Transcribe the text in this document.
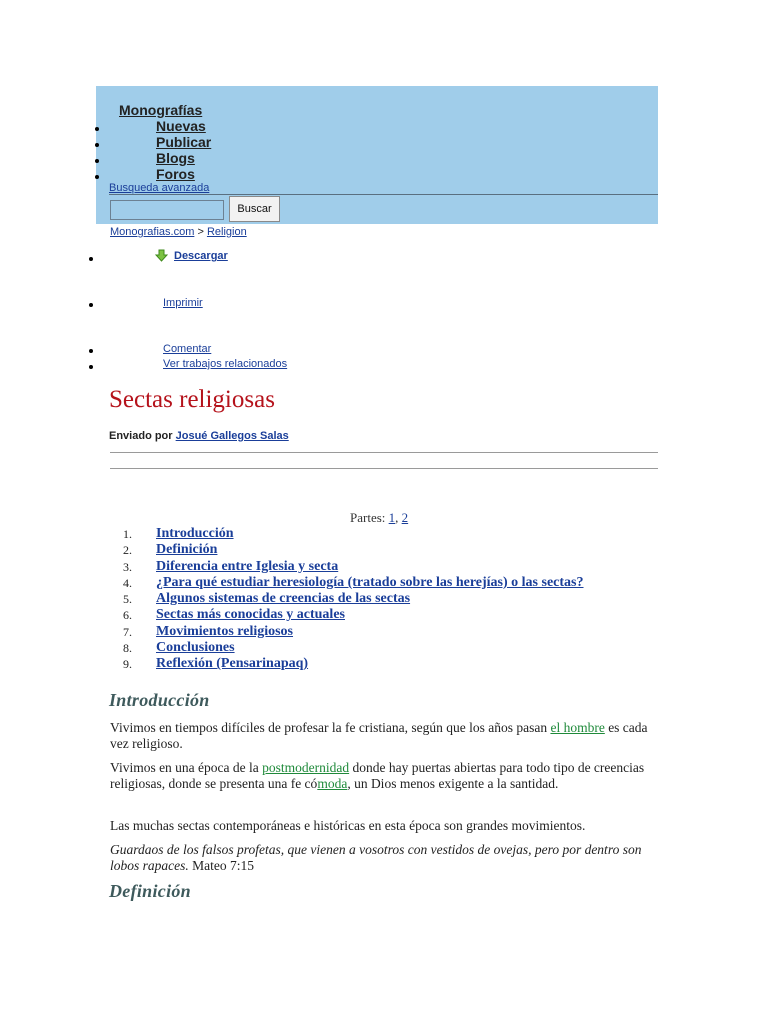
Monografías
Nuevas
Publicar
Blogs
Foros
Busqueda avanzada
Buscar
Monografias.com > Religion
Descargar
Imprimir
Comentar
Ver trabajos relacionados
Sectas religiosas
Enviado por Josué Gallegos Salas
Partes: 1, 2
1. Introducción
2. Definición
3. Diferencia entre Iglesia y secta
4. ¿Para qué estudiar heresiología (tratado sobre las herejías) o las sectas?
5. Algunos sistemas de creencias de las sectas
6. Sectas más conocidas y actuales
7. Movimientos religiosos
8. Conclusiones
9. Reflexión (Pensarinapaq)
Introducción
Vivimos en tiempos difíciles de profesar la fe cristiana, según que los años pasan el hombre es cada vez religioso.
Vivimos en una época de la postmodernidad donde hay puertas abiertas para todo tipo de creencias religiosas, donde se presenta una fe cómoda, un Dios menos exigente a la santidad.
Las muchas sectas contemporáneas e históricas en esta época son grandes movimientos.
Guardaos de los falsos profetas, que vienen a vosotros con vestidos de ovejas, pero por dentro son lobos rapaces. Mateo 7:15
Definición
